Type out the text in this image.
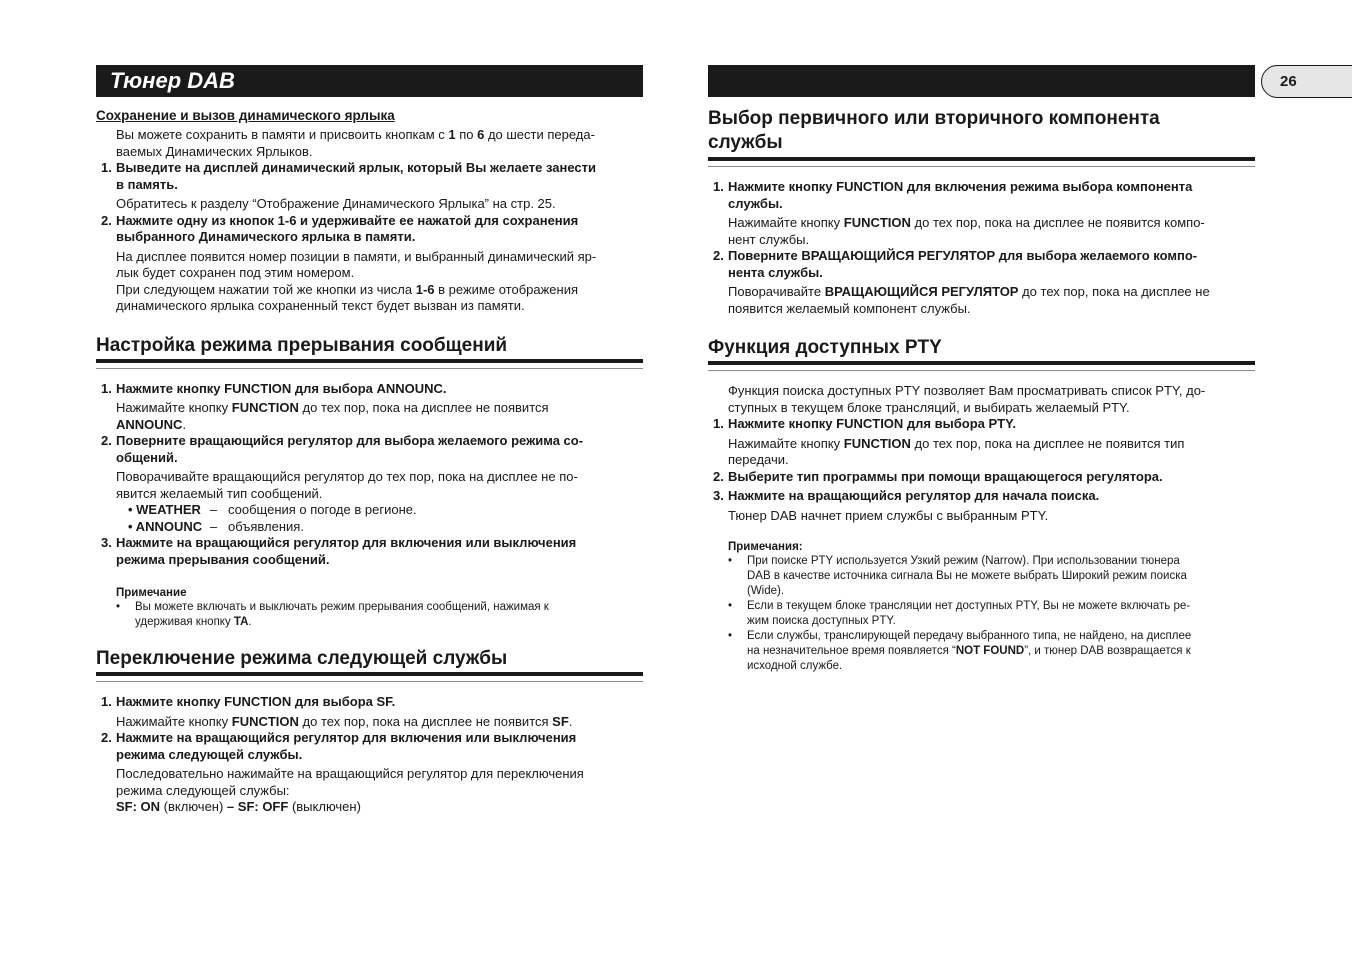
26
Тюнер DAB
Сохранение и вызов динамического ярлыка
Вы можете сохранить в памяти и присвоить кнопкам с 1 по 6 до шести переда-
ваемых Динамических Ярлыков.
1. Выведите на дисплей динамический ярлык, который Вы желаете занести
в память.
Обратитесь к разделу “Отображение Динамического Ярлыка” на стр. 25.
2. Нажмите одну из кнопок 1-6 и удерживайте ее нажатой для сохранения
выбранного Динамического ярлыка в памяти.
На дисплее появится номер позиции в памяти, и выбранный динамический яр-
лык будет сохранен под этим номером.
При следующем нажатии той же кнопки из числа 1-6 в режиме отображения
динамического ярлыка сохраненный текст будет вызван из памяти.
Настройка режима прерывания сообщений
1. Нажмите кнопку FUNCTION для выбора ANNOUNC.
Нажимайте кнопку FUNCTION до тех пор, пока на дисплее не появится
ANNOUNC.
2. Поверните вращающийся регулятор для выбора желаемого режима со-
общений.
Поворачивайте вращающийся регулятор до тех пор, пока на дисплее не по-
явится желаемый тип сообщений.
• WEATHER – сообщения о погоде в регионе.
• ANNOUNC – объявления.
3. Нажмите на вращающийся регулятор для включения или выключения
режима прерывания сообщений.
Примечание
• Вы можете включать и выключать режим прерывания сообщений, нажимая к
удерживая кнопку TA.
Переключение режима следующей службы
1. Нажмите кнопку FUNCTION для выбора SF.
Нажимайте кнопку FUNCTION до тех пор, пока на дисплее не появится SF.
2. Нажмите на вращающийся регулятор для включения или выключения
режима следующей службы.
Последовательно нажимайте на вращающийся регулятор для переключения
режима следующей службы:
SF: ON (включен) – SF: OFF (выключен)
Выбор первичного или вторичного компонента
службы
1. Нажмите кнопку FUNCTION для включения режима выбора компонента
службы.
Нажимайте кнопку FUNCTION до тех пор, пока на дисплее не появится компо-
нент службы.
2. Поверните ВРАЩАЮЩИЙСЯ РЕГУЛЯТОР для выбора желаемого компо-
нента службы.
Поворачивайте ВРАЩАЮЩИЙСЯ РЕГУЛЯТОР до тех пор, пока на дисплее не
появится желаемый компонент службы.
Функция доступных PTY
Функция поиска доступных PTY позволяет Вам просматривать список PTY, до-
ступных в текущем блоке трансляций, и выбирать желаемый PTY.
1. Нажмите кнопку FUNCTION для выбора PTY.
Нажимайте кнопку FUNCTION до тех пор, пока на дисплее не появится тип
передачи.
2. Выберите тип программы при помощи вращающегося регулятора.
3. Нажмите на вращающийся регулятор для начала поиска.
Тюнер DAB начнет прием службы с выбранным PTY.
Примечания:
• При поиске PTY используется Узкий режим (Narrow). При использовании тюнера
DAB в качестве источника сигнала Вы не можете выбрать Широкий режим поиска
(Wide).
• Если в текущем блоке трансляции нет доступных PTY, Вы не можете включать ре-
жим поиска доступных PTY.
• Если службы, транслирующей передачу выбранного типа, не найдено, на дисплее
на незначительное время появляется “NOT FOUND”, и тюнер DAB возвращается к
исходной службе.
